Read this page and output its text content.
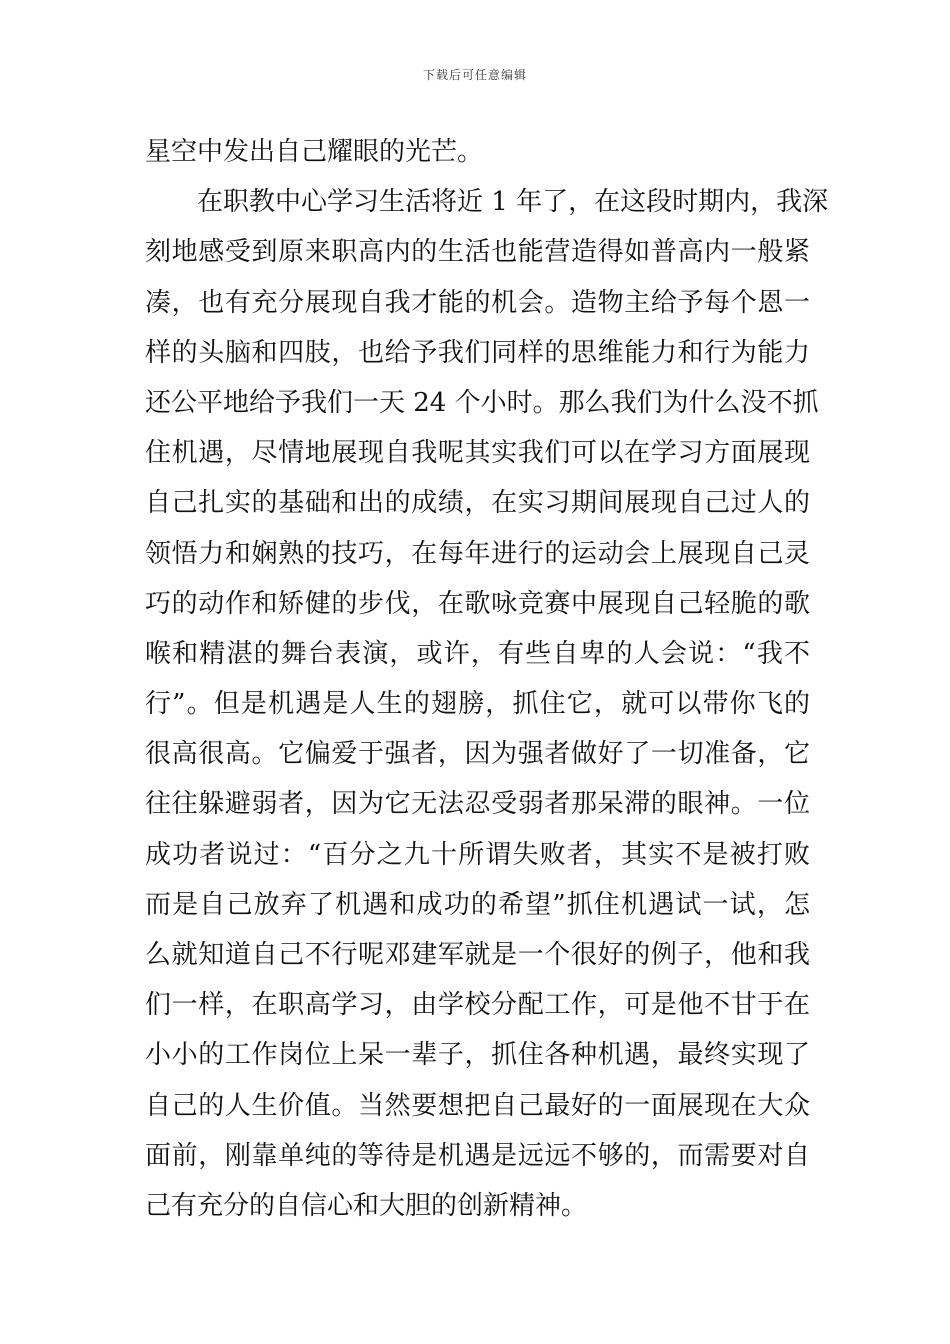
下载后可任意编辑
星空中发出自己耀眼的光芒。
在职教中心学习生活将近 1 年了，在这段时期内，我深
刻地感受到原来职高内的生活也能营造得如普高内一般紧
凑，也有充分展现自我才能的机会。造物主给予每个恩一
样的头脑和四肢，也给予我们同样的思维能力和行为能力
还公平地给予我们一天 24 个小时。那么我们为什么没不抓
住机遇，尽情地展现自我呢其实我们可以在学习方面展现
自己扎实的基础和出的成绩，在实习期间展现自己过人的
领悟力和娴熟的技巧，在每年进行的运动会上展现自己灵
巧的动作和矫健的步伐，在歌咏竞赛中展现自己轻脆的歌
喉和精湛的舞台表演，或许，有些自卑的人会说：“我不
行”。但是机遇是人生的翅膀，抓住它，就可以带你飞的
很高很高。它偏爱于强者，因为强者做好了一切准备，它
往往躲避弱者，因为它无法忍受弱者那呆滞的眼神。一位
成功者说过：“百分之九十所谓失败者，其实不是被打败
而是自己放弃了机遇和成功的希望”抓住机遇试一试，怎
么就知道自己不行呢邓建军就是一个很好的例子，他和我
们一样，在职高学习，由学校分配工作，可是他不甘于在
小小的工作岗位上呆一辈子，抓住各种机遇，最终实现了
自己的人生价值。当然要想把自己最好的一面展现在大众
面前，刚靠单纯的等待是机遇是远远不够的，而需要对自
己有充分的自信心和大胆的创新精神。
